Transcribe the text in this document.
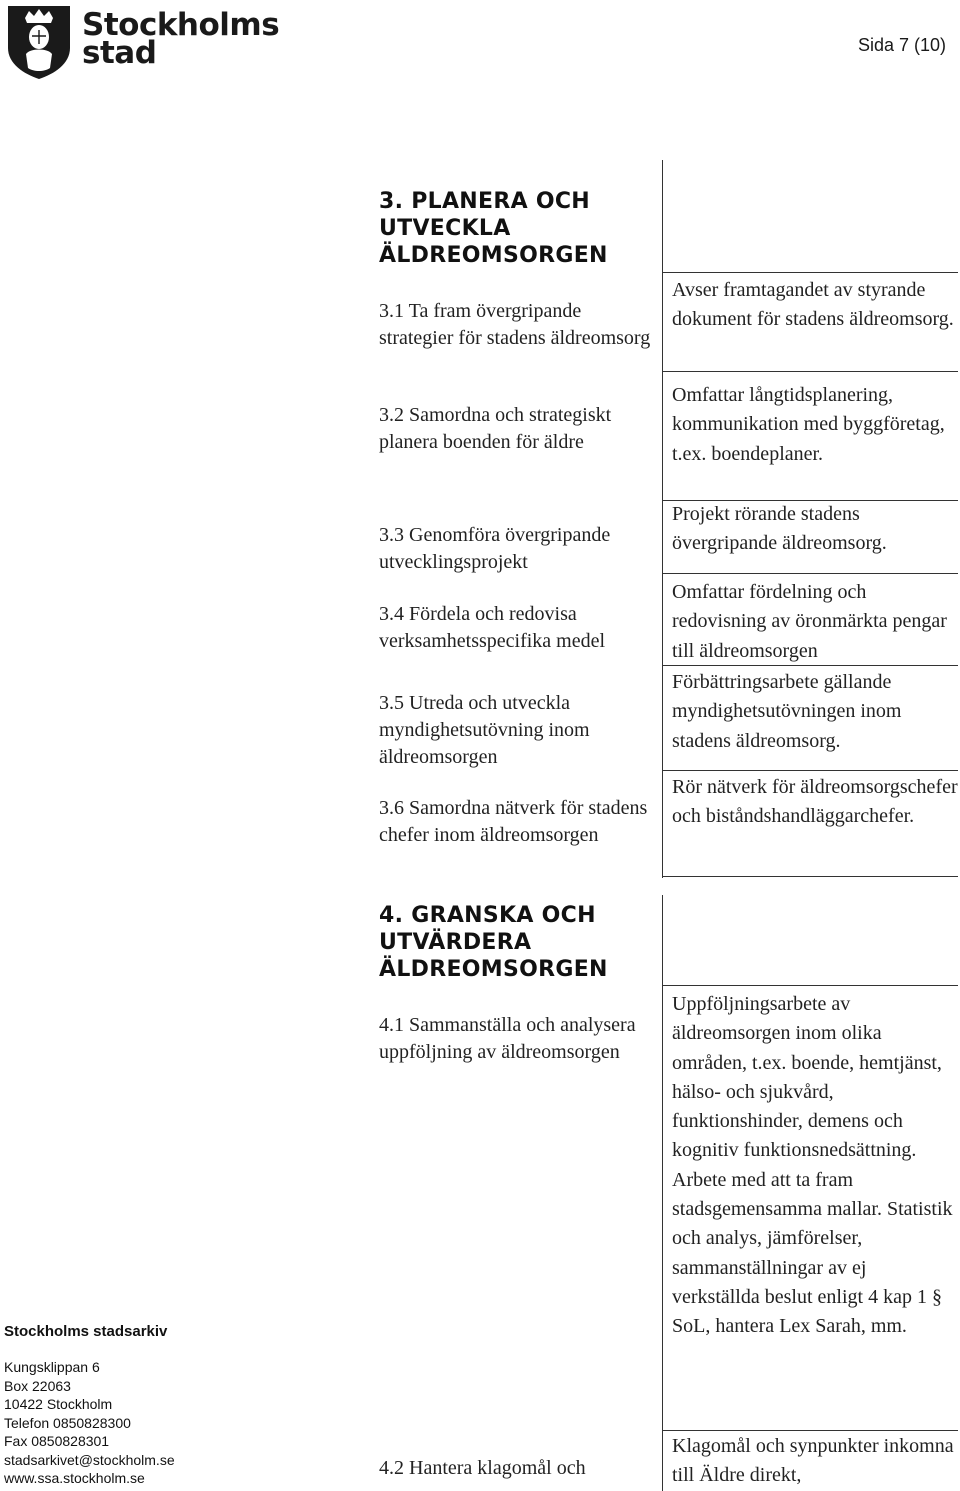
Stockholms
stad	Sida 7 (10)
3. PLANERA OCH UTVECKLA ÄLDREOMSORGEN
3.1 Ta fram övergripande strategier för stadens äldreomsorg
Avser framtagandet av styrande dokument för stadens äldreomsorg.
3.2 Samordna och strategiskt planera boenden för äldre
Omfattar långtidsplanering, kommunikation med byggföretag, t.ex. boendeplaner.
3.3 Genomföra övergripande utvecklingsprojekt
Projekt rörande stadens övergripande äldreomsorg.
3.4 Fördela och redovisa verksamhetsspecifika medel
Omfattar fördelning och redovisning av öronmärkta pengar till äldreomsorgen
3.5 Utreda och utveckla myndighetsutövning inom äldreomsorgen
Förbättringsarbete gällande myndighetsutövningen inom stadens äldreomsorg.
3.6 Samordna nätverk för stadens chefer inom äldreomsorgen
Rör nätverk för äldreomsorgschefer och biståndshandläggarchefer.
4. GRANSKA OCH UTVÄRDERA ÄLDREOMSORGEN
4.1 Sammanställa och analysera uppföljning av äldreomsorgen
Uppföljningsarbete av äldreomsorgen inom olika områden, t.ex. boende, hemtjänst, hälso- och sjukvård, funktionshinder, demens och kognitiv funktionsnedsättning. Arbete med att ta fram stadsgemensamma mallar. Statistik och analys, jämförelser, sammanställningar av ej verkställda beslut enligt 4 kap 1 § SoL, hantera Lex Sarah, mm.
4.2 Hantera klagomål och
Klagomål och synpunkter inkomna till Äldre direkt,
Stockholms stadsarkiv
Kungsklippan 6
Box 22063
10422 Stockholm
Telefon 0850828300
Fax 0850828301
stadsarkivet@stockholm.se
www.ssa.stockholm.se
